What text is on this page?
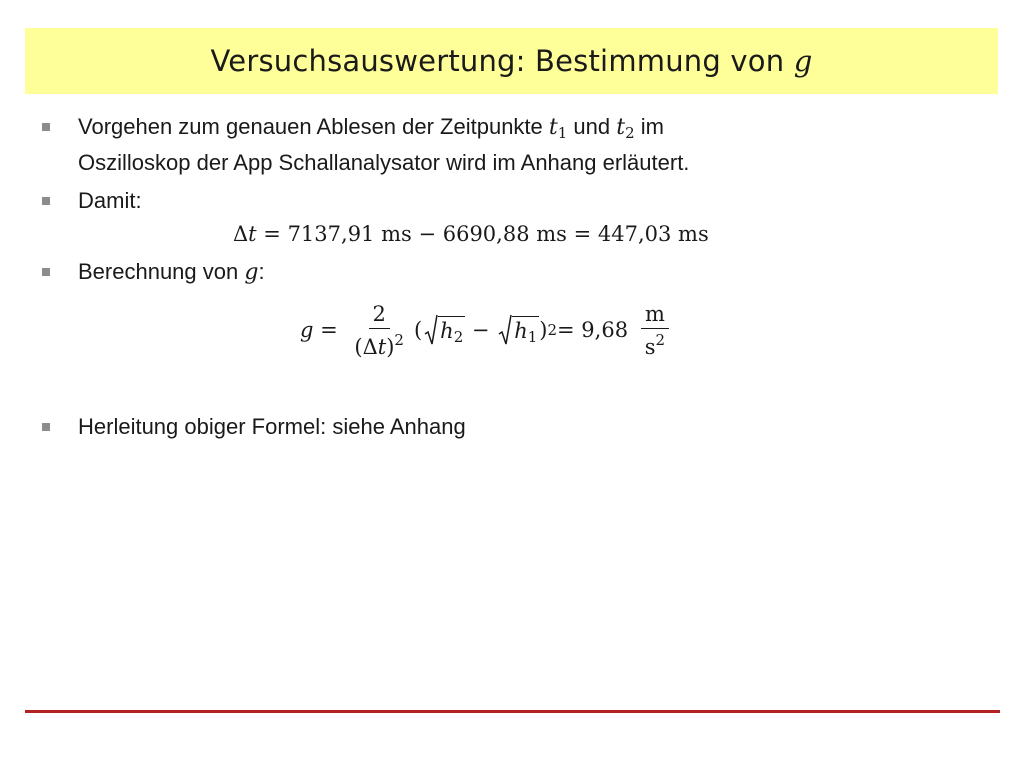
Versuchsauswertung: Bestimmung von g
Vorgehen zum genauen Ablesen der Zeitpunkte $t_1$ und $t_2$ im
Oszilloskop der App Schallanalysator wird im Anhang erläutert.
Damit:
Δt = 7137,91 ms − 6690,88 ms = 447,03 ms
Berechnung von g:
$g = \frac{2}{(\Delta t)^2}$ ( $h_2 - h_1$ ) $2 = 9,68 \frac{m}{s^2}$
Herleitung obiger Formel: siehe Anhang
